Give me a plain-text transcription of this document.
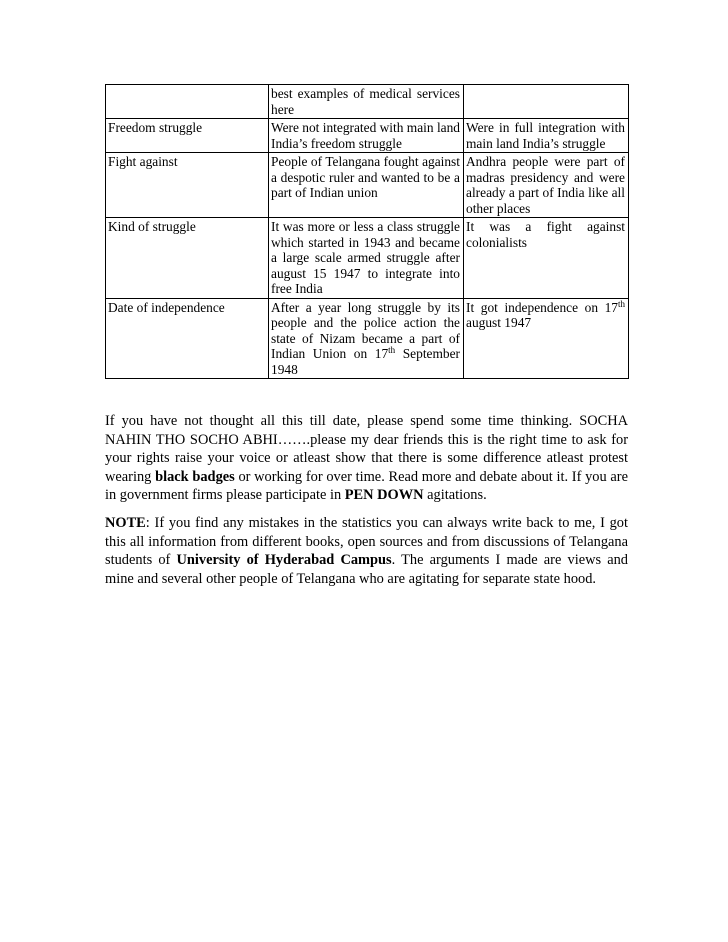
	best examples of medical services here	
Freedom struggle	Were not integrated with main land India’s freedom struggle	Were in full integration with main land India’s struggle
Fight against	People of Telangana fought against a despotic ruler and wanted to be a part of Indian union	Andhra people were part of madras presidency and were already a part of India like all other places
Kind of struggle	It was more or less a class struggle which started in 1943 and became a large scale armed struggle after august 15 1947 to integrate into free India	It was a fight against colonialists
Date of independence	After a year long struggle by its people and the police action the state of Nizam became a part of Indian Union on 17th September 1948	It got independence on 17th august 1947

If you have not thought all this till date, please spend some time thinking. SOCHA NAHIN THO SOCHO ABHI…….please my dear friends this is the right time to ask for your rights raise your voice or atleast show that there is some difference atleast protest wearing black badges or working for over time. Read more and debate about it. If you are in government firms please participate in PEN DOWN agitations.

NOTE: If you find any mistakes in the statistics you can always write back to me, I got this all information from different books, open sources and from discussions of Telangana students of University of Hyderabad Campus. The arguments I made are views and mine and several other people of Telangana who are agitating for separate state hood.
